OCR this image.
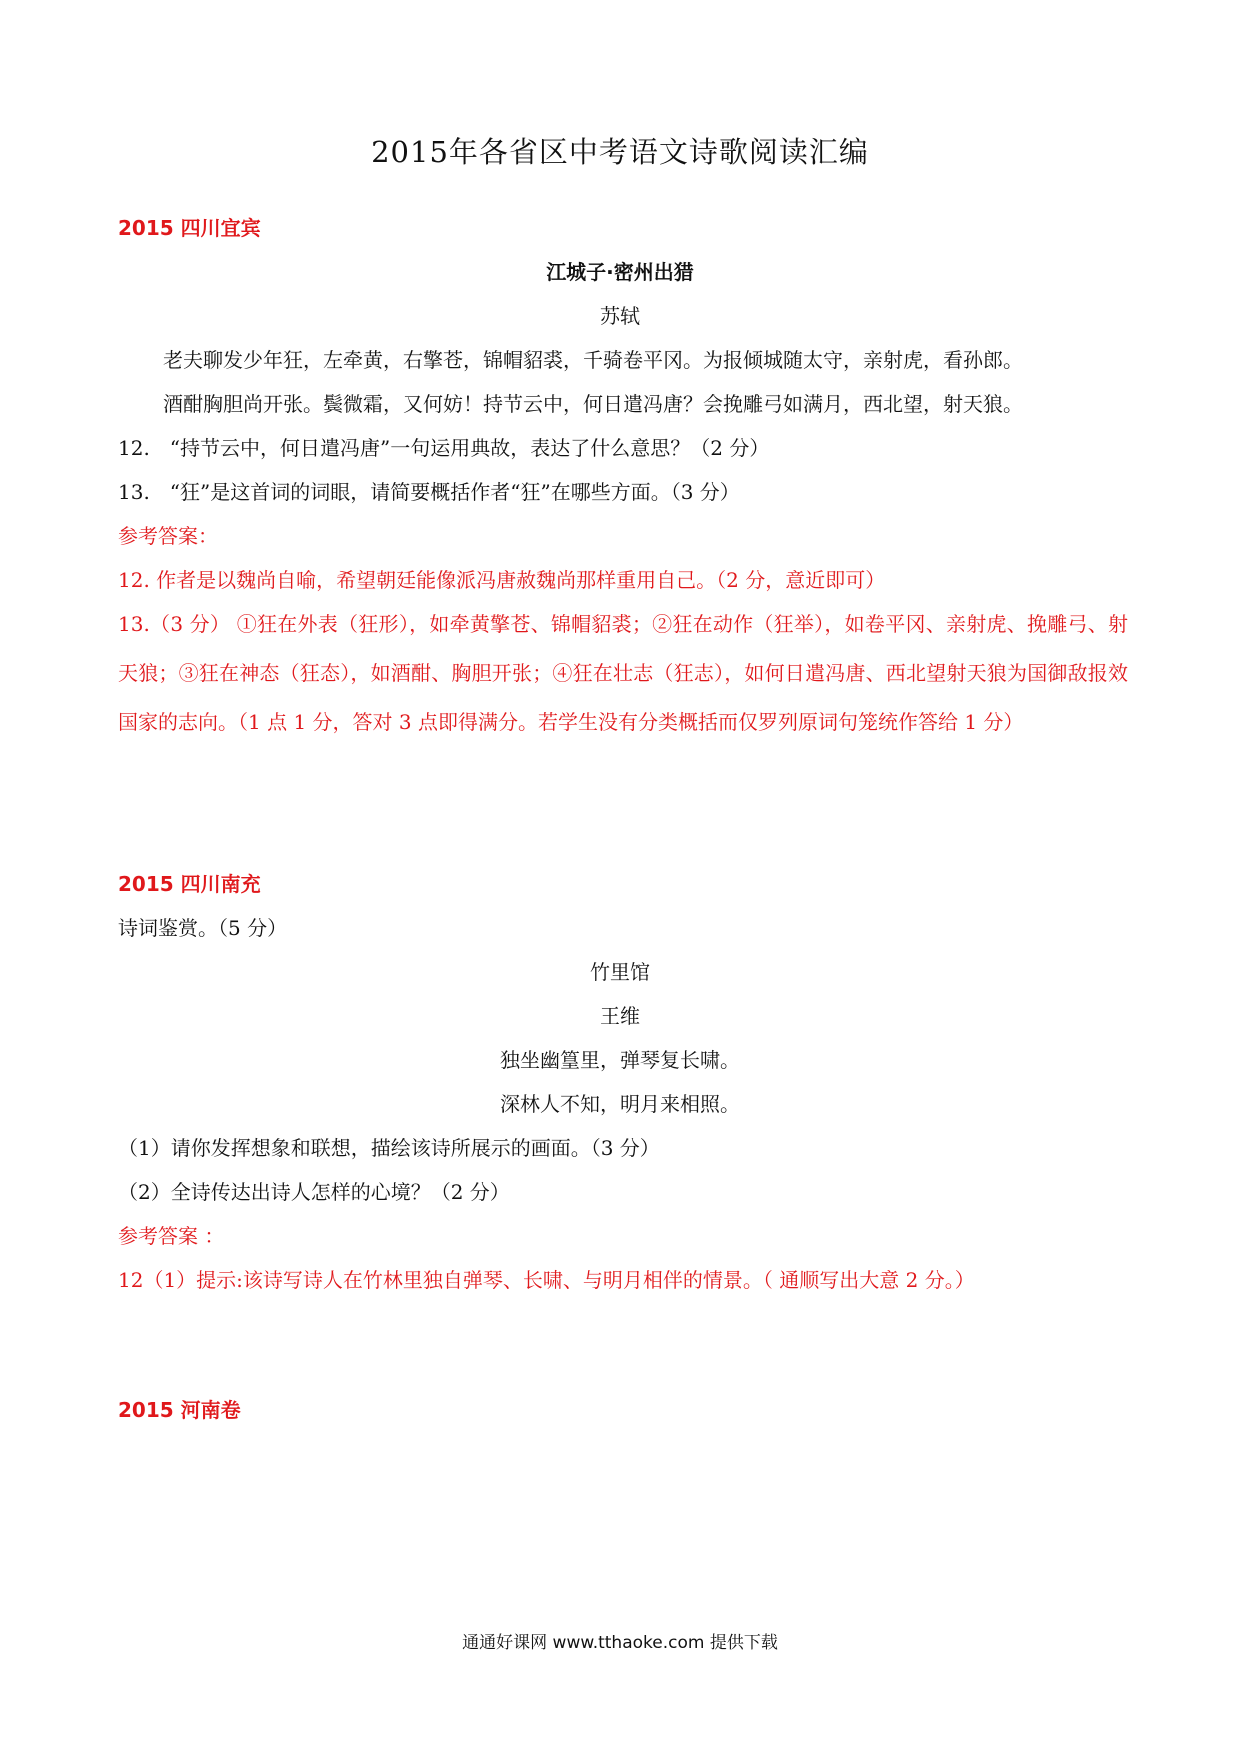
2015年各省区中考语文诗歌阅读汇编
2015 四川宜宾
江城子·密州出猎
苏轼
老夫聊发少年狂，左牵黄，右擎苍，锦帽貂裘，千骑卷平冈。为报倾城随太守，亲射虎，看孙郎。
酒酣胸胆尚开张。鬓微霜，又何妨！持节云中，何日遣冯唐？会挽雕弓如满月，西北望，射天狼。
12.　“持节云中，何日遣冯唐”一句运用典故，表达了什么意思？（2 分）
13.　“狂”是这首词的词眼，请简要概括作者“狂”在哪些方面。（3 分）
参考答案：
12. 作者是以魏尚自喻，希望朝廷能像派冯唐赦魏尚那样重用自己。（2 分，意近即可）
13.（3 分） ①狂在外表（狂形），如牵黄擎苍、锦帽貂裘；②狂在动作（狂举），如卷平冈、亲射虎、挽雕弓、射天狼；③狂在神态（狂态），如酒酣、胸胆开张；④狂在壮志（狂志），如何日遣冯唐、西北望射天狼为国御敌报效国家的志向。（1 点 1 分，答对 3 点即得满分。若学生没有分类概括而仅罗列原词句笼统作答给 1 分）
2015 四川南充
诗词鉴赏。（5 分）
竹里馆
王维
独坐幽篁里，弹琴复长啸。
深林人不知，明月来相照。
（1）请你发挥想象和联想，描绘该诗所展示的画面。（3 分）
（2）全诗传达出诗人怎样的心境？（2 分）
参考答案 ：
12（1）提示:该诗写诗人在竹林里独自弹琴、长啸、与明月相伴的情景。（ 通顺写出大意 2 分。）
2015 河南卷
通通好课网 www.tthaoke.com 提供下载
